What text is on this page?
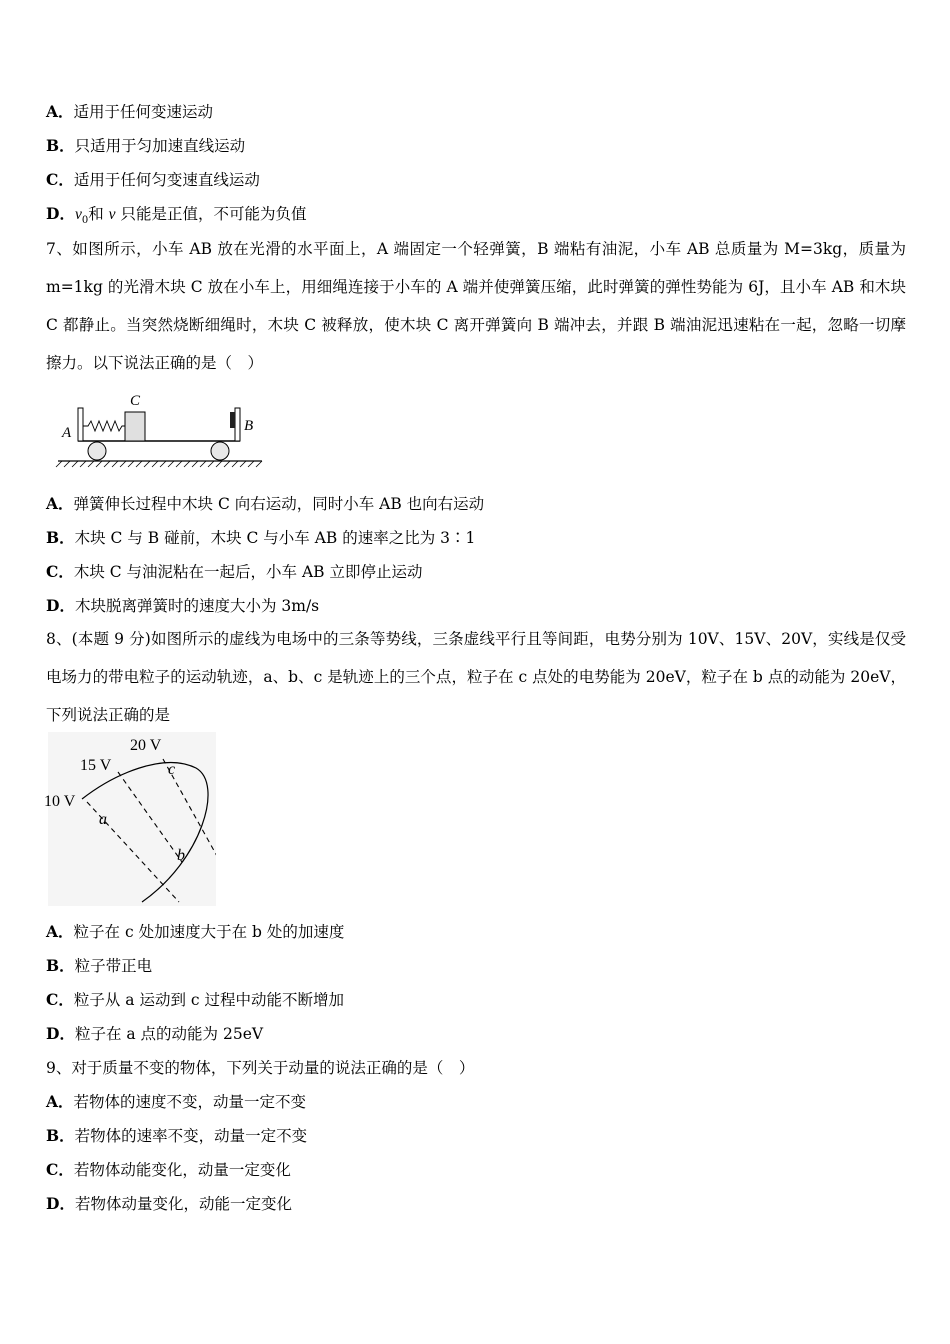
A．适用于任何变速运动
B．只适用于匀加速直线运动
C．适用于任何匀变速直线运动
D．$v_0$和 v 只能是正值，不可能为负值
7、如图所示，小车 AB 放在光滑的水平面上，A 端固定一个轻弹簧，B 端粘有油泥，小车 AB 总质量为 M=3kg，质量为 m=1kg 的光滑木块 C 放在小车上，用细绳连接于小车的 A 端并使弹簧压缩，此时弹簧的弹性势能为 6J，且小车 AB 和木块 C 都静止。当突然烧断细绳时，木块 C 被释放，使木块 C 离开弹簧向 B 端冲去，并跟 B 端油泥迅速粘在一起，忽略一切摩擦力。以下说法正确的是（　）
A	B
C
A．弹簧伸长过程中木块 C 向右运动，同时小车 AB 也向右运动
B．木块 C 与 B 碰前，木块 C 与小车 AB 的速率之比为 3∶1
C．木块 C 与油泥粘在一起后，小车 AB 立即停止运动
D．木块脱离弹簧时的速度大小为 3m/s
8、(本题 9 分)如图所示的虚线为电场中的三条等势线，三条虚线平行且等间距，电势分别为 10V、15V、20V，实线是仅受电场力的带电粒子的运动轨迹，a、b、c 是轨迹上的三个点，粒子在 c 点处的电势能为 20eV，粒子在 b 点的动能为 20eV，下列说法正确的是
10 V
15 V
20 V
a
b
c
A．粒子在 c 处加速度大于在 b 处的加速度
B．粒子带正电
C．粒子从 a 运动到 c 过程中动能不断增加
D．粒子在 a 点的动能为 25eV
9、对于质量不变的物体，下列关于动量的说法正确的是（　）
A．若物体的速度不变，动量一定不变
B．若物体的速率不变，动量一定不变
C．若物体动能变化，动量一定变化
D．若物体动量变化，动能一定变化
